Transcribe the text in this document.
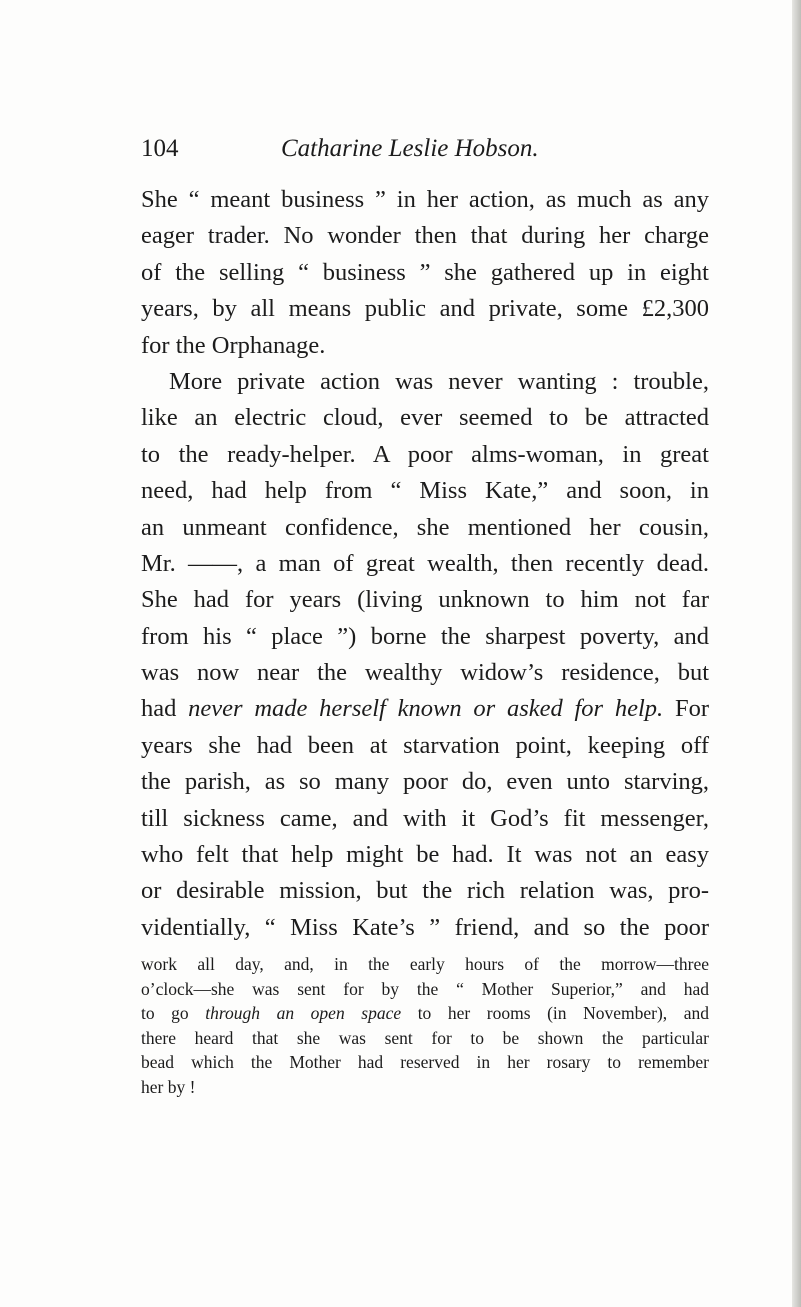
104	Catharine Leslie Hobson.
She “ meant business ” in her action, as much as any
eager trader. No wonder then that during her charge
of the selling “ business ” she gathered up in eight
years, by all means public and private, some £2,300
for the Orphanage.
More private action was never wanting : trouble,
like an electric cloud, ever seemed to be attracted
to the ready-helper. A poor alms-woman, in great
need, had help from “ Miss Kate,” and soon, in
an unmeant confidence, she mentioned her cousin,
Mr. ——, a man of great wealth, then recently dead.
She had for years (living unknown to him not far
from his “ place ”) borne the sharpest poverty, and
was now near the wealthy widow’s residence, but
had never made herself known or asked for help. For
years she had been at starvation point, keeping off
the parish, as so many poor do, even unto starving,
till sickness came, and with it God’s fit messenger,
who felt that help might be had. It was not an easy
or desirable mission, but the rich relation was, pro-
videntially, “ Miss Kate’s ” friend, and so the poor
work all day, and, in the early hours of the morrow—three
o’clock—she was sent for by the “ Mother Superior,” and had
to go through an open space to her rooms (in November), and
there heard that she was sent for to be shown the particular
bead which the Mother had reserved in her rosary to remember
her by !
